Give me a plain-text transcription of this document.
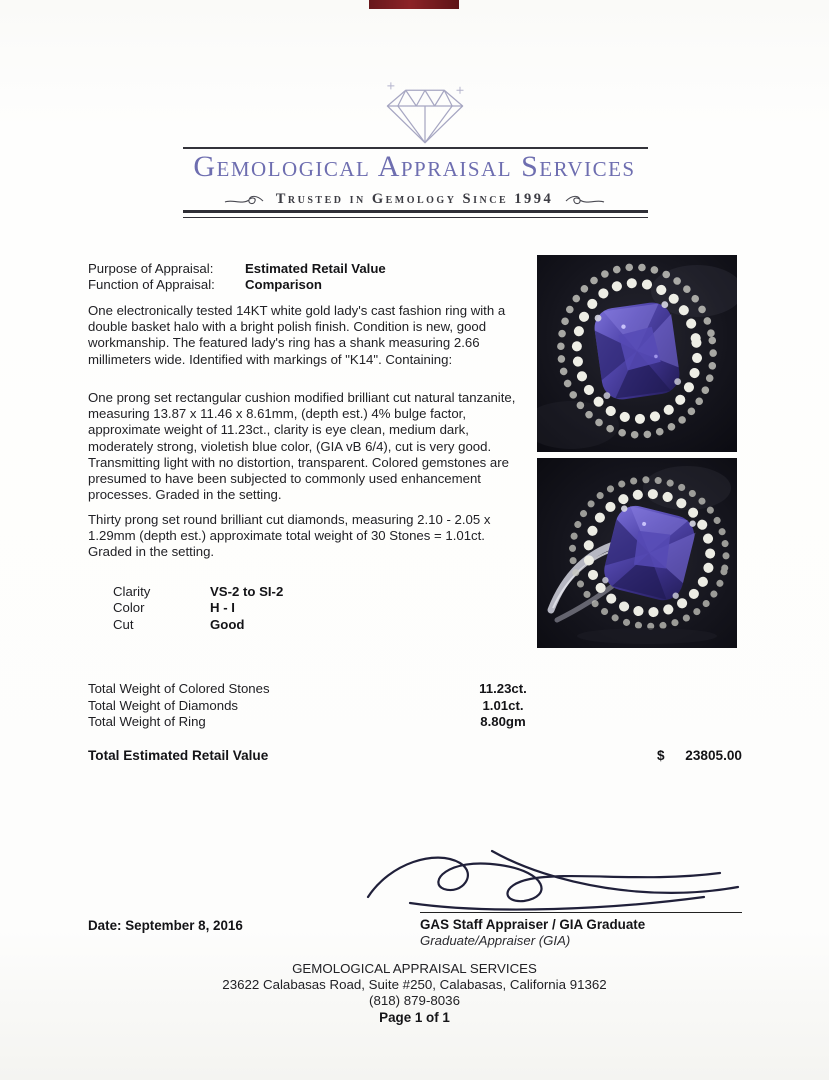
Gemological Appraisal Services
Trusted in Gemology Since 1994
Purpose of Appraisal:	Estimated Retail Value
Function of Appraisal:	Comparison

One electronically tested 14KT white gold lady's cast fashion ring with a double basket halo with a bright polish finish. Condition is new, good workmanship. The featured lady's ring has a shank measuring 2.66 millimeters wide. Identified with markings of "K14". Containing:

One prong set rectangular cushion modified brilliant cut natural tanzanite, measuring 13.87 x 11.46 x 8.61mm, (depth est.) 4% bulge factor, approximate weight of 11.23ct., clarity is eye clean, medium dark, moderately strong, violetish blue color, (GIA vB 6/4), cut is very good. Transmitting light with no distortion, transparent. Colored gemstones are presumed to have been subjected to commonly used enhancement processes. Graded in the setting.

Thirty prong set round brilliant cut diamonds, measuring 2.10 - 2.05 x 1.29mm (depth est.) approximate total weight of 30 Stones = 1.01ct. Graded in the setting.

Clarity	VS-2 to SI-2
Color	H - I
Cut	Good
Total Weight of Colored Stones	11.23ct.
Total Weight of Diamonds	1.01ct.
Total Weight of Ring	8.80gm
Total Estimated Retail Value	$	23805.00
Date: September 8, 2016	GAS Staff Appraiser / GIA Graduate
Graduate/Appraiser (GIA)
GEMOLOGICAL APPRAISAL SERVICES
23622 Calabasas Road, Suite #250, Calabasas, California 91362
(818) 879-8036
Page 1 of 1
